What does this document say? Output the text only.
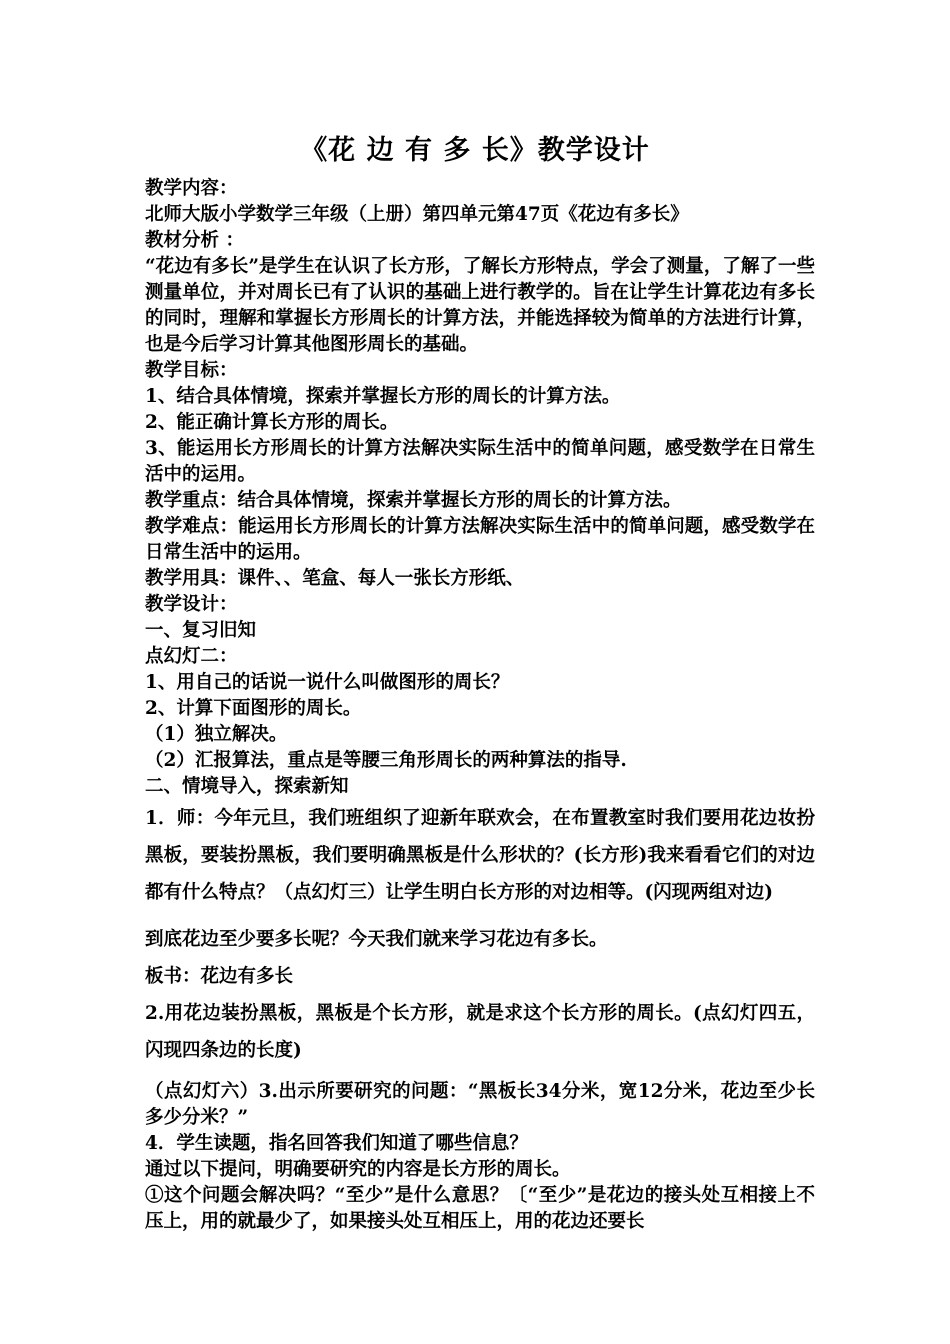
《花 边 有 多 长》教学设计

教学内容：

北师大版小学数学三年级（上册）第四单元第47页《花边有多长》

教材分析 ：

“花边有多长”是学生在认识了长方形，了解长方形特点，学会了测量，了解了一些测量单位，并对周长已有了认识的基础上进行教学的。旨在让学生计算花边有多长的同时，理解和掌握长方形周长的计算方法，并能选择较为简单的方法进行计算，也是今后学习计算其他图形周长的基础。

教学目标：

1、结合具体情境，探索并掌握长方形的周长的计算方法。

2、能正确计算长方形的周长。

3、能运用长方形周长的计算方法解决实际生活中的简单问题，感受数学在日常生活中的运用。

教学重点：结合具体情境，探索并掌握长方形的周长的计算方法。

教学难点：能运用长方形周长的计算方法解决实际生活中的简单问题，感受数学在日常生活中的运用。

教学用具：课件、、笔盒、每人一张长方形纸、

教学设计：

一、复习旧知

点幻灯二：

1、用自己的话说一说什么叫做图形的周长？

2、计算下面图形的周长。

（1）独立解决。

（2）汇报算法，重点是等腰三角形周长的两种算法的指导.

二、情境导入，探索新知

1．师：今年元旦，我们班组织了迎新年联欢会，在布置教室时我们要用花边妆扮黑板，要装扮黑板，我们要明确黑板是什么形状的？(长方形)我来看看它们的对边都有什么特点？（点幻灯三）让学生明白长方形的对边相等。(闪现两组对边)

到底花边至少要多长呢？今天我们就来学习花边有多长。

板书：花边有多长

2.用花边装扮黑板，黑板是个长方形，就是求这个长方形的周长。(点幻灯四五，闪现四条边的长度)

（点幻灯六）3.出示所要研究的问题：“黑板长34分米，宽12分米，花边至少长多少分米？”

4．学生读题，指名回答我们知道了哪些信息？

通过以下提问，明确要研究的内容是长方形的周长。

①这个问题会解决吗？“至少”是什么意思？〔“至少”是花边的接头处互相接上不压上，用的就最少了，如果接头处互相压上，用的花边还要长
